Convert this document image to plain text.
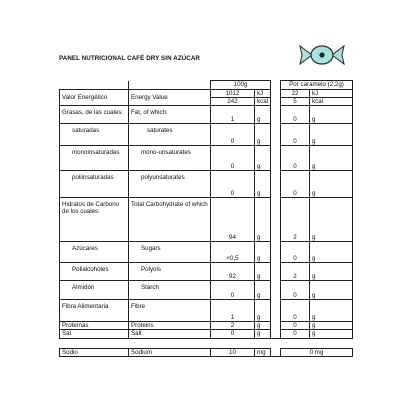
PANEL NUTRICIONAL CAFÉ DRY SIN AZÚCAR
		100g			Por caramelo (2,2g)	
Valor Energético	Energy Value	1012	kJ		22	kJ
		242	kcal		5	kcal
Grasas, de las cuales:	Fat, of which:	1	g		0	g
saturadas	saturates	0	g		0	g
monoinsaturadas	mono-unsaturates	0	g		0	g
poliinsaturadas	polyunsaturates	0	g		0	g
Hidratos de Carbono de los cuales:	Total Carbohydrate of which	94	g		2	g
Azúcares	Sugars	<0,5	g		0	g
Polialcoholes	Polyols	92	g		2	g
Almidón	Starch	0	g		0	g
Fibra Alimentaria	Fibre	1	g		0	g
Proteínas	Proteins	2	g		0	g
Sal	Salt	0	g		0	g

Sodio	Sodium	10	mg		0 mg	
